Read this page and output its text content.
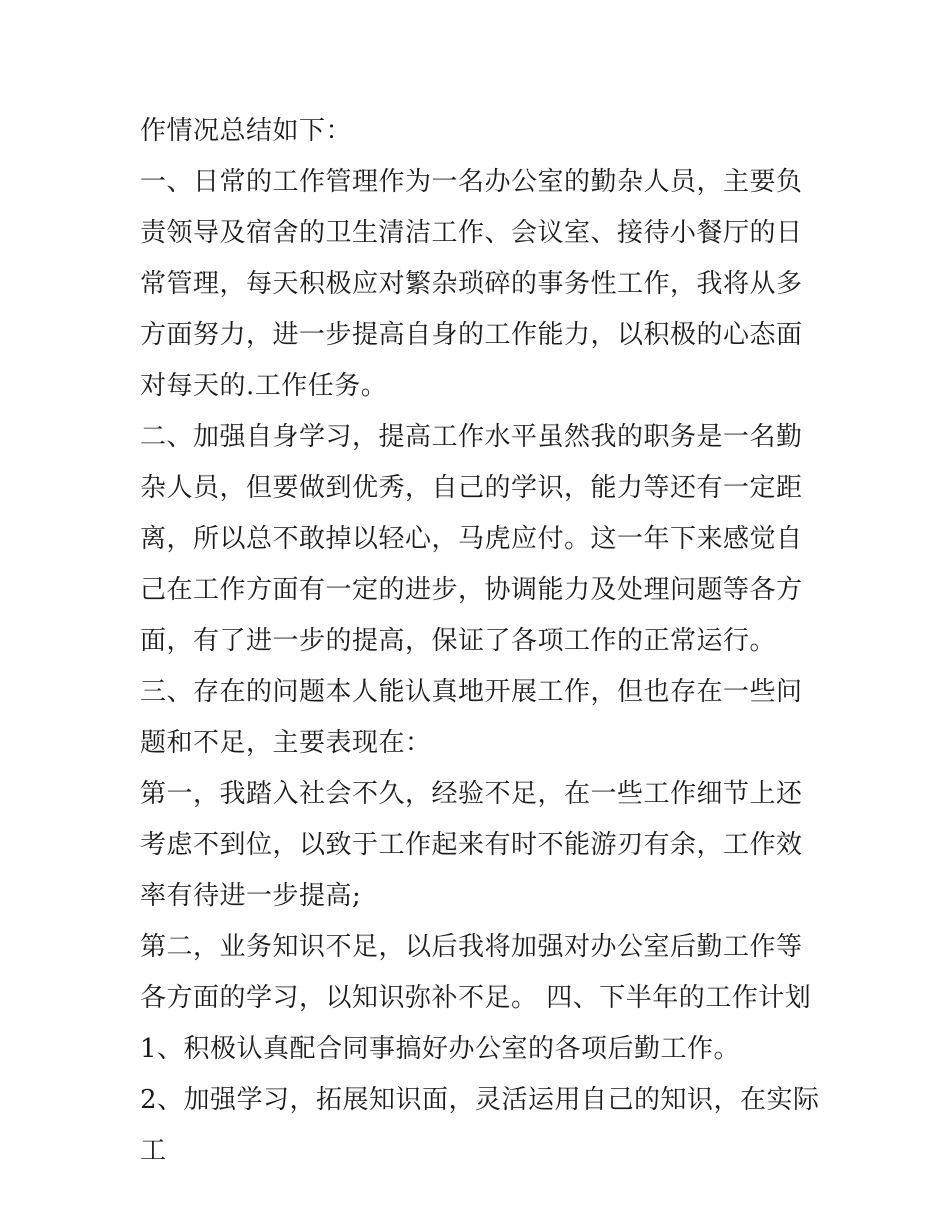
作情况总结如下：

一、日常的工作管理作为一名办公室的勤杂人员，主要负责领导及宿舍的卫生清洁工作、会议室、接待小餐厅的日常管理，每天积极应对繁杂琐碎的事务性工作，我将从多方面努力，进一步提高自身的工作能力，以积极的心态面对每天的.工作任务。

二、加强自身学习，提高工作水平虽然我的职务是一名勤杂人员，但要做到优秀，自己的学识，能力等还有一定距离，所以总不敢掉以轻心，马虎应付。这一年下来感觉自己在工作方面有一定的进步，协调能力及处理问题等各方面，有了进一步的提高，保证了各项工作的正常运行。

三、存在的问题本人能认真地开展工作，但也存在一些问题和不足，主要表现在：

第一，我踏入社会不久，经验不足，在一些工作细节上还考虑不到位，以致于工作起来有时不能游刃有余，工作效率有待进一步提高;

第二，业务知识不足，以后我将加强对办公室后勤工作等各方面的学习，以知识弥补不足。 四、下半年的工作计划 1、积极认真配合同事搞好办公室的各项后勤工作。

2、加强学习，拓展知识面，灵活运用自己的知识，在实际工
